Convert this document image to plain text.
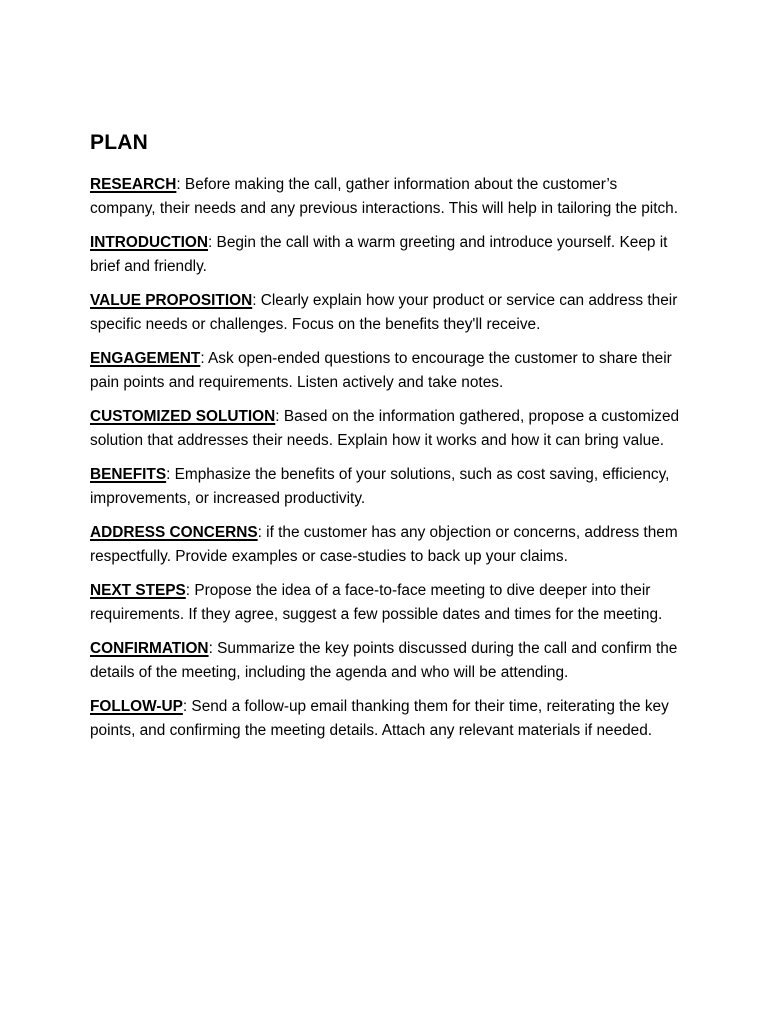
PLAN

RESEARCH: Before making the call, gather information about the customer’s company, their needs and any previous interactions. This will help in tailoring the pitch.

INTRODUCTION: Begin the call with a warm greeting and introduce yourself. Keep it brief and friendly.

VALUE PROPOSITION: Clearly explain how your product or service can address their specific needs or challenges. Focus on the benefits they'll receive.

ENGAGEMENT: Ask open-ended questions to encourage the customer to share their pain points and requirements. Listen actively and take notes.

CUSTOMIZED SOLUTION: Based on the information gathered, propose a customized solution that addresses their needs. Explain how it works and how it can bring value.

BENEFITS: Emphasize the benefits of your solutions, such as cost saving, efficiency, improvements, or increased productivity.

ADDRESS CONCERNS: if the customer has any objection or concerns, address them respectfully. Provide examples or case-studies to back up your claims.

NEXT STEPS: Propose the idea of a face-to-face meeting to dive deeper into their requirements. If they agree, suggest a few possible dates and times for the meeting.

CONFIRMATION: Summarize the key points discussed during the call and confirm the details of the meeting, including the agenda and who will be attending.

FOLLOW-UP: Send a follow-up email thanking them for their time, reiterating the key points, and confirming the meeting details. Attach any relevant materials if needed.
